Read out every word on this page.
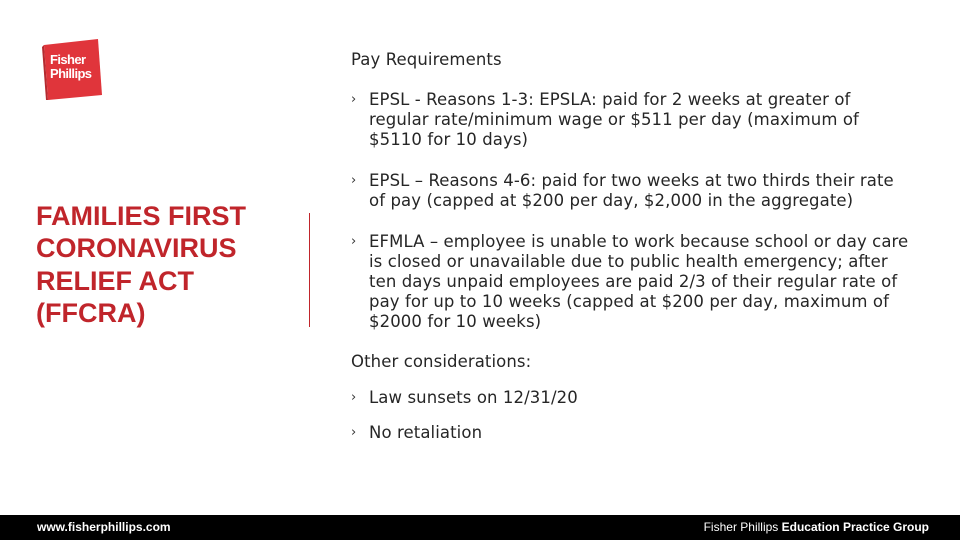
Fisher
Phillips
FAMILIES FIRST
CORONAVIRUS
RELIEF ACT
(FFCRA)

Pay Requirements

› EPSL - Reasons 1-3: EPSLA: paid for 2 weeks at greater of regular rate/minimum wage or $511 per day (maximum of $5110 for 10 days)
› EPSL – Reasons 4-6: paid for two weeks at two thirds their rate of pay (capped at $200 per day, $2,000 in the aggregate)
› EFMLA – employee is unable to work because school or day care is closed or unavailable due to public health emergency; after ten days unpaid employees are paid 2/3 of their regular rate of pay for up to 10 weeks (capped at $200 per day, maximum of $2000 for 10 weeks)

Other considerations:

› Law sunsets on 12/31/20
› No retaliation
www.fisherphillips.com	Fisher Phillips Education Practice Group
